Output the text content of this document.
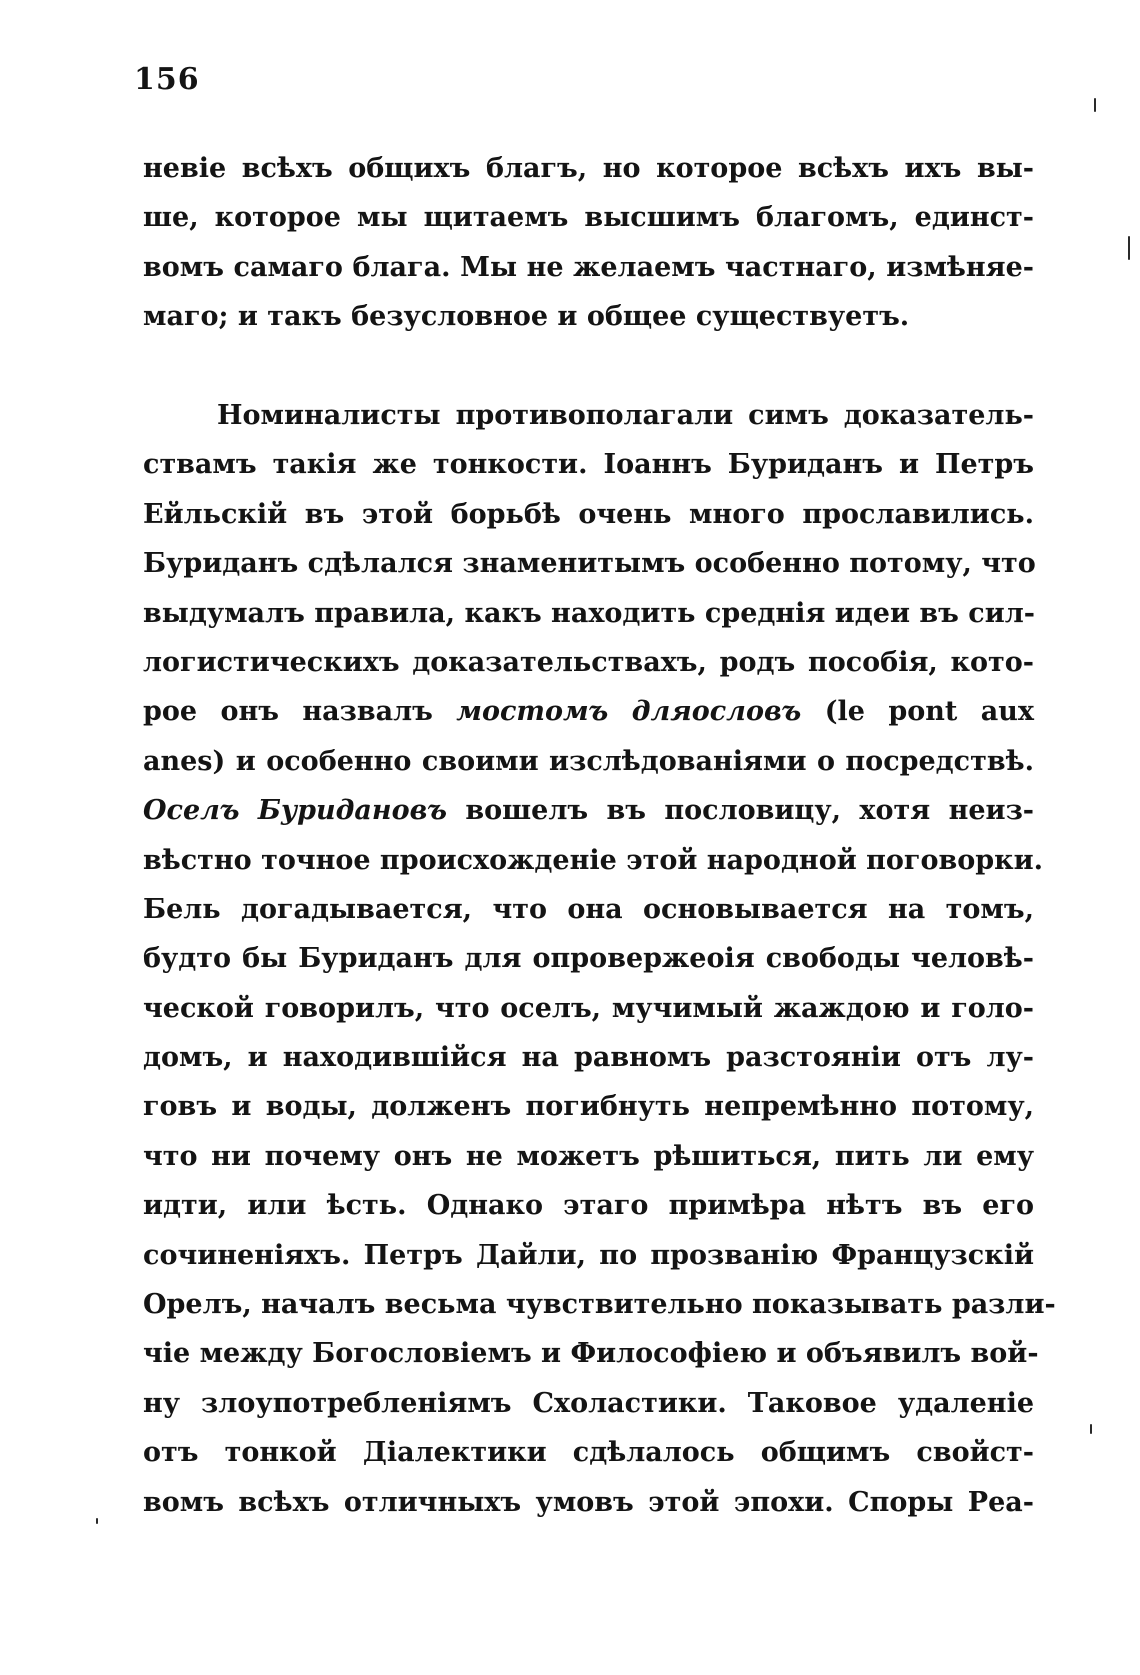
156
невіе всѣхъ общихъ благъ, но которое всѣхъ ихъ вы-
ше, которое мы щитаемъ высшимъ благомъ, единст-
вомъ самаго блага. Мы не желаемъ частнаго, измѣняе-
маго; и такъ безусловное и общее существуетъ.
Номиналисты противополагали симъ доказатель-
ствамъ такія же тонкости. Іоаннъ Буриданъ и Петръ
Ейльскій въ этой борьбѣ очень много прославились.
Буриданъ сдѣлался знаменитымъ особенно потому, что
выдумалъ правила, какъ находить среднія идеи въ сил-
логистическихъ доказательствахъ, родъ пособія, кото-
рое онъ назвалъ мостомъ дляословъ (le pont aux
anes) и особенно своими изслѣдованіями о посредствѣ.
Оселъ Буридановъ вошелъ въ пословицу, хотя неиз-
вѣстно точное происхожденіе этой народной поговорки.
Бель догадывается, что она основывается на томъ,
будто бы Буриданъ для опровержеоія свободы человѣ-
ческой говорилъ, что оселъ, мучимый жаждою и голо-
домъ, и находившійся на равномъ разстояніи отъ лу-
говъ и воды, долженъ погибнуть непремѣнно потому,
что ни почему онъ не можетъ рѣшиться, пить ли ему
идти, или ѣсть. Однако этаго примѣра нѣтъ въ его
сочиненіяхъ. Петръ Дайли, по прозванію Французскій
Орелъ, началъ весьма чувствительно показывать разли-
чіе между Богословіемъ и Философіею и объявилъ вой-
ну злоупотребленіямъ Схоластики. Таковое удаленіе
отъ тонкой Діалектики сдѣлалось общимъ свойст-
вомъ всѣхъ отличныхъ умовъ этой эпохи. Споры Реа-
